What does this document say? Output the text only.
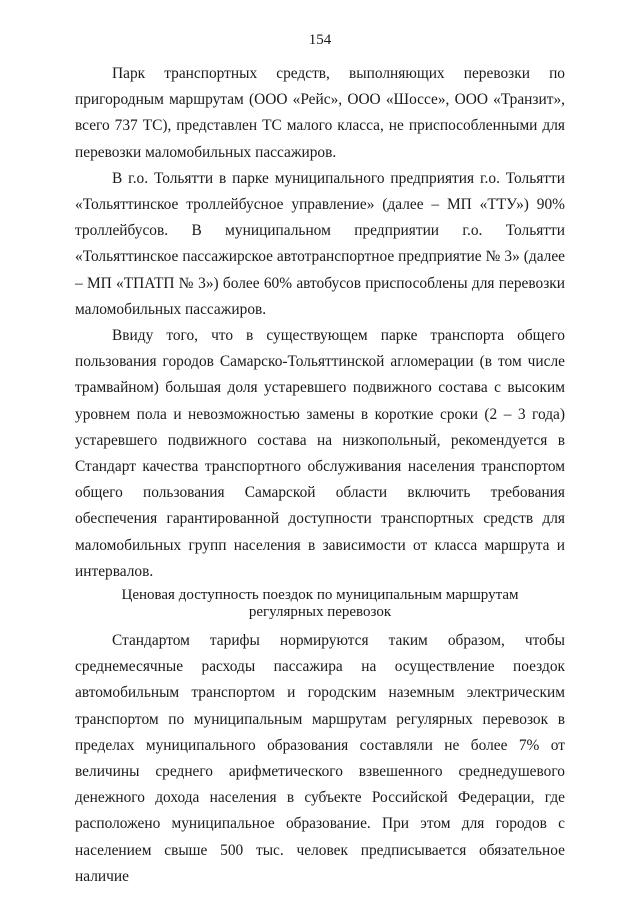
154

Парк транспортных средств, выполняющих перевозки по пригородным маршрутам (ООО «Рейс», ООО «Шоссе», ООО «Транзит», всего 737 ТС), представлен ТС малого класса, не приспособленными для перевозки маломобильных пассажиров.

В г.о. Тольятти в парке муниципального предприятия г.о. Тольятти «Тольяттинское троллейбусное управление» (далее – МП «ТТУ») 90% троллейбусов. В муниципальном предприятии г.о. Тольятти «Тольяттинское пассажирское автотранспортное предприятие № 3» (далее – МП «ТПАТП № 3») более 60% автобусов приспособлены для перевозки маломобильных пассажиров.

Ввиду того, что в существующем парке транспорта общего пользования городов Самарско-Тольяттинской агломерации (в том числе трамвайном) большая доля устаревшего подвижного состава с высоким уровнем пола и невозможностью замены в короткие сроки (2 – 3 года) устаревшего подвижного состава на низкопольный, рекомендуется в Стандарт качества транспортного обслуживания населения транспортом общего пользования Самарской области включить требования обеспечения гарантированной доступности транспортных средств для маломобильных групп населения в зависимости от класса маршрута и интервалов.

Ценовая доступность поездок по муниципальным маршрутам
регулярных перевозок

Стандартом тарифы нормируются таким образом, чтобы среднемесячные расходы пассажира на осуществление поездок автомобильным транспортом и городским наземным электрическим транспортом по муниципальным маршрутам регулярных перевозок в пределах муниципального образования составляли не более 7% от величины среднего арифметического взвешенного среднедушевого денежного дохода населения в субъекте Российской Федерации, где расположено муниципальное образование. При этом для городов с населением свыше 500 тыс. человек предписывается обязательное наличие
